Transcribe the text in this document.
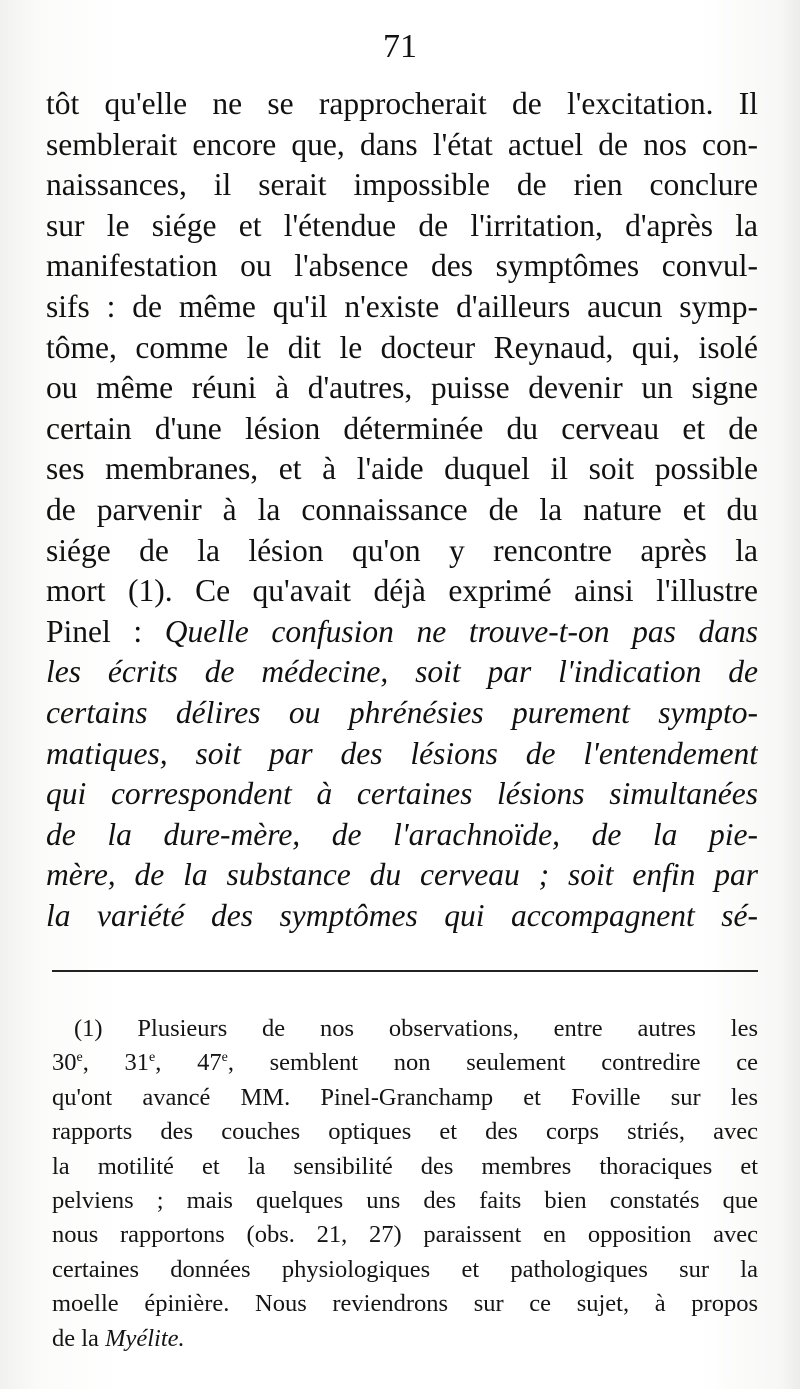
71
tôt qu'elle ne se rapprocherait de l'excitation. Il
semblerait encore que, dans l'état actuel de nos con-
naissances, il serait impossible de rien conclure
sur le siége et l'étendue de l'irritation, d'après la
manifestation ou l'absence des symptômes convul-
sifs : de même qu'il n'existe d'ailleurs aucun symp-
tôme, comme le dit le docteur Reynaud, qui, isolé
ou même réuni à d'autres, puisse devenir un signe
certain d'une lésion déterminée du cerveau et de
ses membranes, et à l'aide duquel il soit possible
de parvenir à la connaissance de la nature et du
siége de la lésion qu'on y rencontre après la
mort (1). Ce qu'avait déjà exprimé ainsi l'illustre
Pinel : Quelle confusion ne trouve-t-on pas dans
les écrits de médecine, soit par l'indication de
certains délires ou phrénésies purement sympto-
matiques, soit par des lésions de l'entendement
qui correspondent à certaines lésions simultanées
de la dure-mère, de l'arachnoïde, de la pie-
mère, de la substance du cerveau ; soit enfin par
la variété des symptômes qui accompagnent sé-
(1) Plusieurs de nos observations, entre autres les
30e, 31e, 47e, semblent non seulement contredire ce
qu'ont avancé MM. Pinel-Granchamp et Foville sur les
rapports des couches optiques et des corps striés, avec
la motilité et la sensibilité des membres thoraciques et
pelviens ; mais quelques uns des faits bien constatés que
nous rapportons (obs. 21, 27) paraissent en opposition avec
certaines données physiologiques et pathologiques sur la
moelle épinière. Nous reviendrons sur ce sujet, à propos
de la Myélite.
